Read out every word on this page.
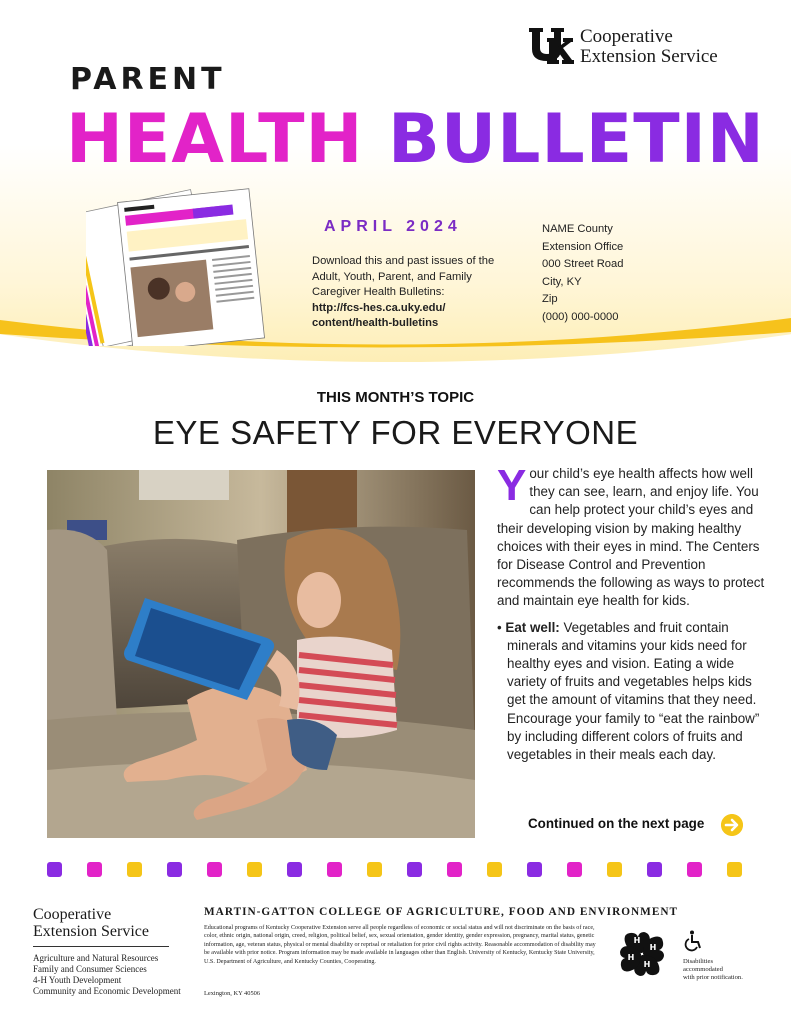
Cooperative
Extension Service
PARENT
HEALTH BULLETIN
APRIL 2024
Download this and past issues of the Adult, Youth, Parent, and Family Caregiver Health Bulletins:
http://fcs-hes.ca.uky.edu/
content/health-bulletins
NAME County
Extension Office
000 Street Road
City, KY
Zip
(000) 000-0000
THIS MONTH’S TOPIC
EYE SAFETY FOR EVERYONE

Your child’s eye health affects how well they can see, learn, and enjoy life. You can help protect your child’s eyes and their developing vision by making healthy choices with their eyes in mind. The Centers for Disease Control and Prevention recommends the following as ways to protect and maintain eye health for kids.

• Eat well: Vegetables and fruit contain minerals and vitamins your kids need for healthy eyes and vision. Eating a wide variety of fruits and vegetables helps kids get the amount of vitamins that they need. Encourage your family to “eat the rainbow” by including different colors of fruits and vegetables in their meals each day.

Continued on the next page
Cooperative
Extension Service
Agriculture and Natural Resources
Family and Consumer Sciences
4-H Youth Development
Community and Economic Development
MARTIN-GATTON COLLEGE OF AGRICULTURE, FOOD AND ENVIRONMENT
Educational programs of Kentucky Cooperative Extension serve all people regardless of economic or social status and will not discriminate on the basis of race, color, ethnic origin, national origin, creed, religion, political belief, sex, sexual orientation, gender identity, gender expression, pregnancy, marital status, genetic information, age, veteran status, physical or mental disability or reprisal or retaliation for prior civil rights activity. Reasonable accommodation of disability may be available with prior notice. Program information may be made available in languages other than English. University of Kentucky, Kentucky State University, U.S. Department of Agriculture, and Kentucky Counties, Cooperating.
Lexington, KY 40506
H
H
H
H	Disabilities
accommodated
with prior notification.
